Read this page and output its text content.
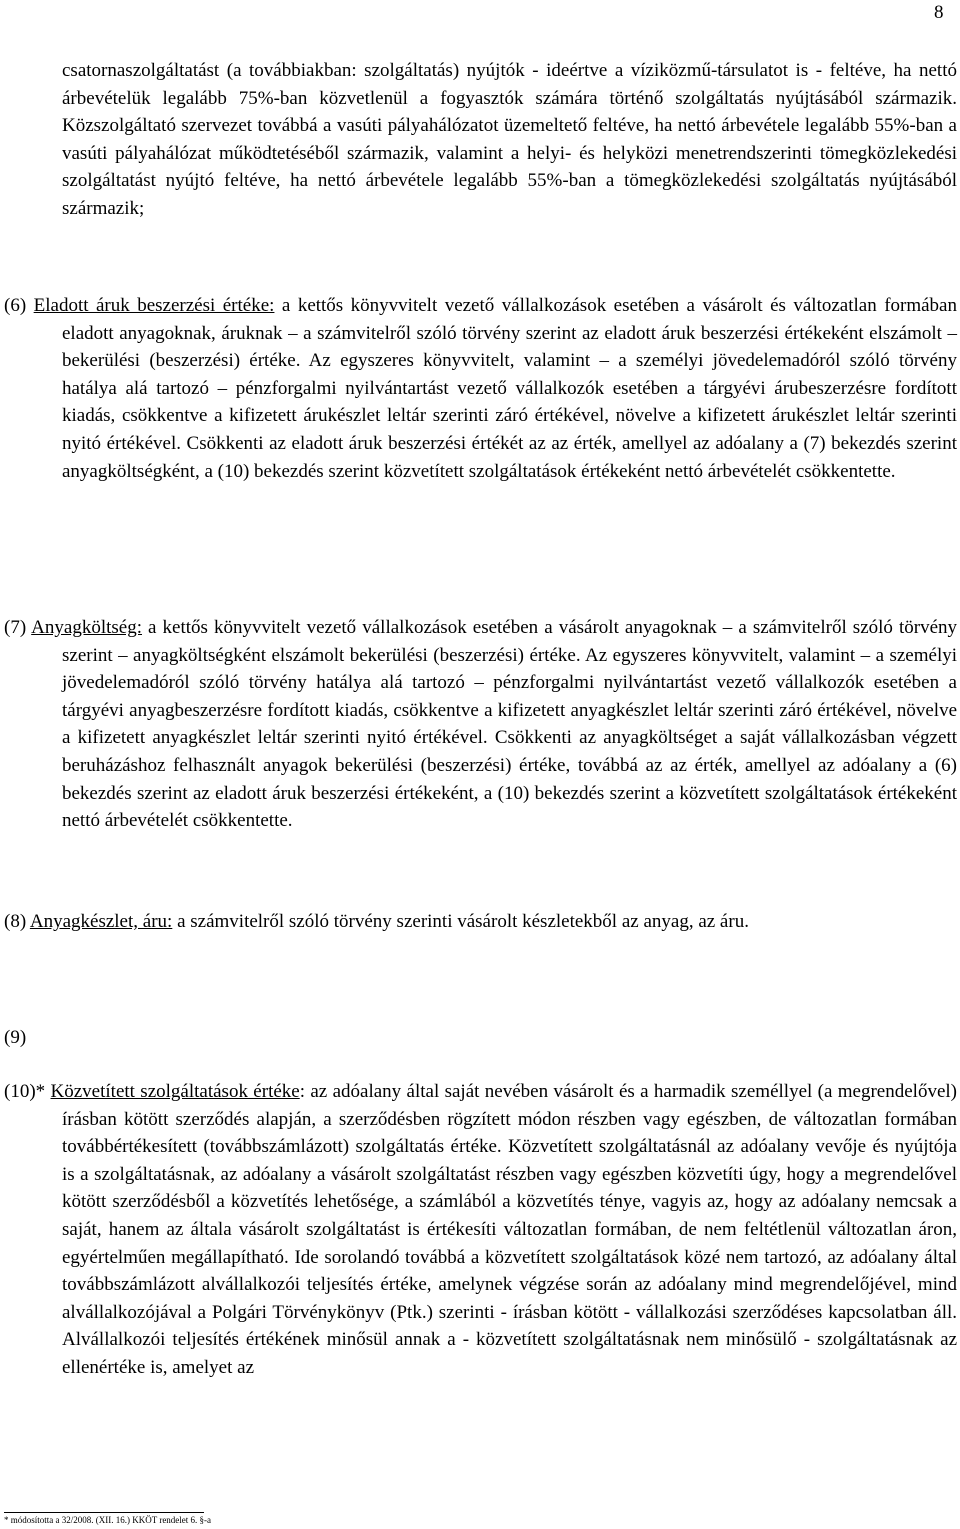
8

csatornaszolgáltatást (a továbbiakban: szolgáltatás) nyújtók - ideértve a víziközmű-társulatot is - feltéve, ha nettó árbevételük legalább 75%-ban közvetlenül a fogyasztók számára történő szolgáltatás nyújtásából származik. Közszolgáltató szervezet továbbá a vasúti pályahálózatot üzemeltető feltéve, ha nettó árbevétele legalább 55%-ban a vasúti pályahálózat működtetéséből származik, valamint a helyi- és helyközi menetrendszerinti tömegközlekedési szolgáltatást nyújtó feltéve, ha nettó árbevétele legalább 55%-ban a tömegközlekedési szolgáltatás nyújtásából származik;

(6) Eladott áruk beszerzési értéke: a kettős könyvvitelt vezető vállalkozások esetében a vásárolt és változatlan formában eladott anyagoknak, áruknak – a számvitelről szóló törvény szerint az eladott áruk beszerzési értékeként elszámolt – bekerülési (beszerzési) értéke. Az egyszeres könyvvitelt, valamint – a személyi jövedelemadóról szóló törvény hatálya alá tartozó – pénzforgalmi nyilvántartást vezető vállalkozók esetében a tárgyévi árubeszerzésre fordított kiadás, csökkentve a kifizetett árukészlet leltár szerinti záró értékével, növelve a kifizetett árukészlet leltár szerinti nyitó értékével. Csökkenti az eladott áruk beszerzési értékét az az érték, amellyel az adóalany a (7) bekezdés szerint anyagköltségként, a (10) bekezdés szerint közvetített szolgáltatások értékeként nettó árbevételét csökkentette.

(7) Anyagköltség: a kettős könyvvitelt vezető vállalkozások esetében a vásárolt anyagoknak – a számvitelről szóló törvény szerint – anyagköltségként elszámolt bekerülési (beszerzési) értéke. Az egyszeres könyvvitelt, valamint – a személyi jövedelemadóról szóló törvény hatálya alá tartozó – pénzforgalmi nyilvántartást vezető vállalkozók esetében a tárgyévi anyagbeszerzésre fordított kiadás, csökkentve a kifizetett anyagkészlet leltár szerinti záró értékével, növelve a kifizetett anyagkészlet leltár szerinti nyitó értékével. Csökkenti az anyagköltséget a saját vállalkozásban végzett beruházáshoz felhasznált anyagok bekerülési (beszerzési) értéke, továbbá az az érték, amellyel az adóalany a (6) bekezdés szerint az eladott áruk beszerzési értékeként, a (10) bekezdés szerint a közvetített szolgáltatások értékeként nettó árbevételét csökkentette.

(8) Anyagkészlet, áru: a számvitelről szóló törvény szerinti vásárolt készletekből az anyag, az áru.

(9)

(10)* Közvetített szolgáltatások értéke: az adóalany által saját nevében vásárolt és a harmadik személlyel (a megrendelővel) írásban kötött szerződés alapján, a szerződésben rögzített módon részben vagy egészben, de változatlan formában továbbértékesített (továbbszámlázott) szolgáltatás értéke. Közvetített szolgáltatásnál az adóalany vevője és nyújtója is a szolgáltatásnak, az adóalany a vásárolt szolgáltatást részben vagy egészben közvetíti úgy, hogy a megrendelővel kötött szerződésből a közvetítés lehetősége, a számlából a közvetítés ténye, vagyis az, hogy az adóalany nemcsak a saját, hanem az általa vásárolt szolgáltatást is értékesíti változatlan formában, de nem feltétlenül változatlan áron, egyértelműen megállapítható. Ide sorolandó továbbá a közvetített szolgáltatások közé nem tartozó, az adóalany által továbbszámlázott alvállalkozói teljesítés értéke, amelynek végzése során az adóalany mind megrendelőjével, mind alvállalkozójával a Polgári Törvénykönyv (Ptk.) szerinti - írásban kötött - vállalkozási szerződéses kapcsolatban áll. Alvállalkozói teljesítés értékének minősül annak a - közvetített szolgáltatásnak nem minősülő - szolgáltatásnak az ellenértéke is, amelyet az

* módosította a 32/2008. (XII. 16.) KKÖT rendelet 6. §-a
